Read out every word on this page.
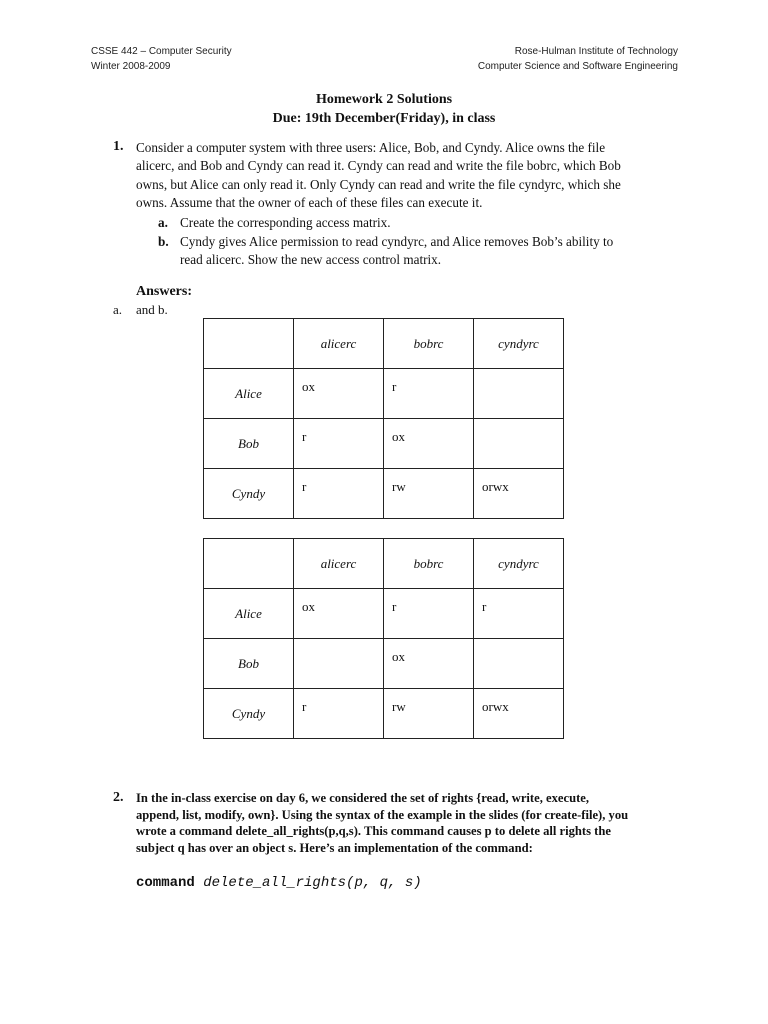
CSSE 442 – Computer Security
Winter 2008-2009
Rose-Hulman Institute of Technology
Computer Science and Software Engineering
Homework 2 Solutions
Due: 19th December(Friday), in class
1. Consider a computer system with three users: Alice, Bob, and Cyndy. Alice owns the file
alicerc, and Bob and Cyndy can read it. Cyndy can read and write the file bobrc, which Bob
owns, but Alice can only read it. Only Cyndy can read and write the file cyndyrc, which she
owns. Assume that the owner of each of these files can execute it.
a. Create the corresponding access matrix.
b. Cyndy gives Alice permission to read cyndyrc, and Alice removes Bob’s ability to
read alicerc. Show the new access control matrix.
Answers:
a. and b.
	alicerc	bobrc	cyndyrc
Alice	ox	r	
Bob	r	ox	
Cyndy	r	rw	orwx
	alicerc	bobrc	cyndyrc
Alice	ox	r	r
Bob		ox	
Cyndy	r	rw	orwx
2. In the in-class exercise on day 6, we considered the set of rights {read, write, execute,
append, list, modify, own}. Using the syntax of the example in the slides (for create-file), you
wrote a command delete_all_rights(p,q,s). This command causes p to delete all rights the
subject q has over an object s. Here’s an implementation of the command:
command delete_all_rights(p, q, s)
